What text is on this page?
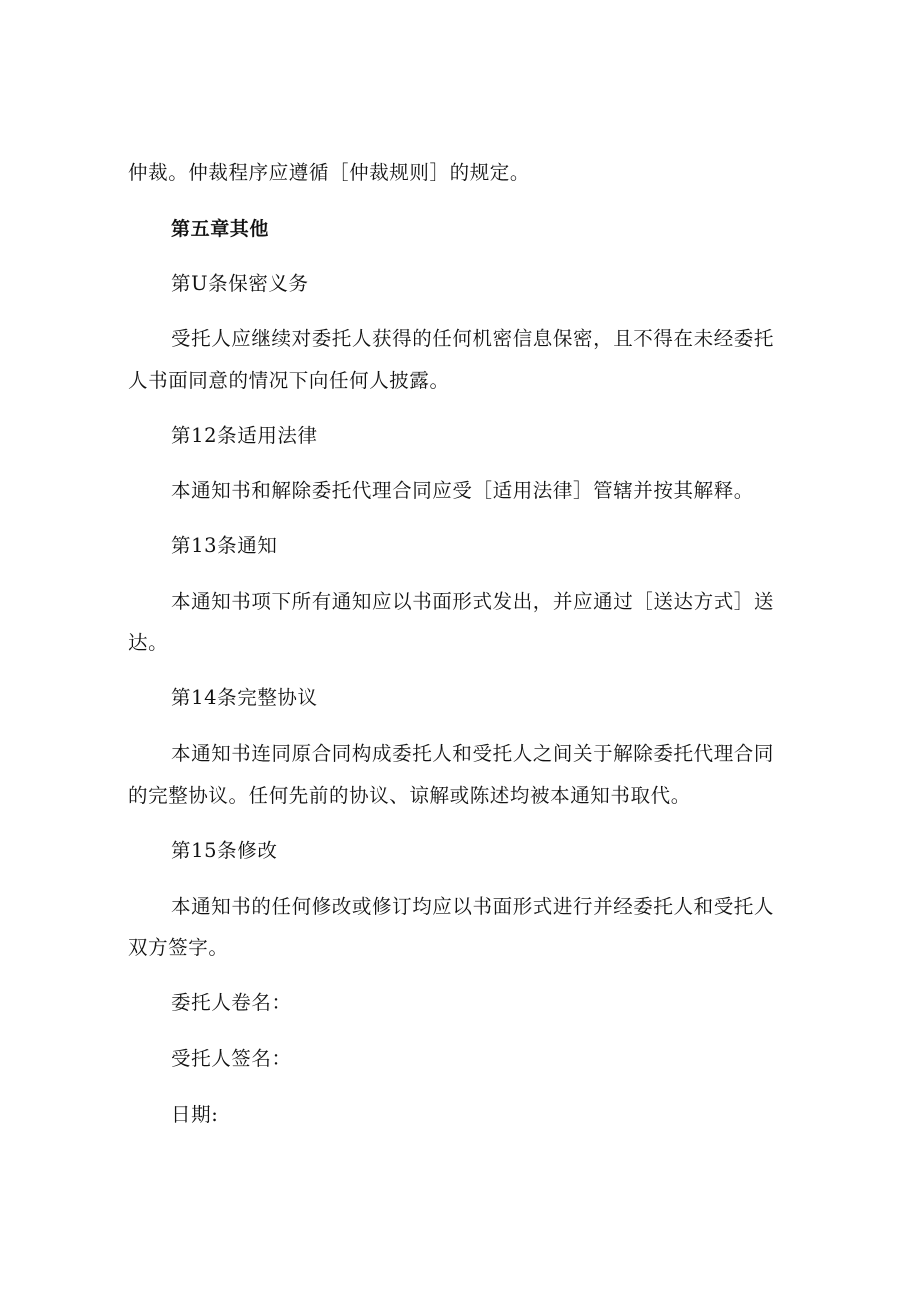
仲裁。仲裁程序应遵循［仲裁规则］的规定。

第五章其他

第U条保密义务

受托人应继续对委托人获得的任何机密信息保密，且不得在未经委托

人书面同意的情况下向任何人披露。

第12条适用法律

本通知书和解除委托代理合同应受［适用法律］管辖并按其解释。

第13条通知

本通知书项下所有通知应以书面形式发出，并应通过［送达方式］送

达。

第14条完整协议

本通知书连同原合同构成委托人和受托人之间关于解除委托代理合同

的完整协议。任何先前的协议、谅解或陈述均被本通知书取代。

第15条修改

本通知书的任何修改或修订均应以书面形式进行并经委托人和受托人

双方签字。

委托人卷名：

受托人签名：

日期:
